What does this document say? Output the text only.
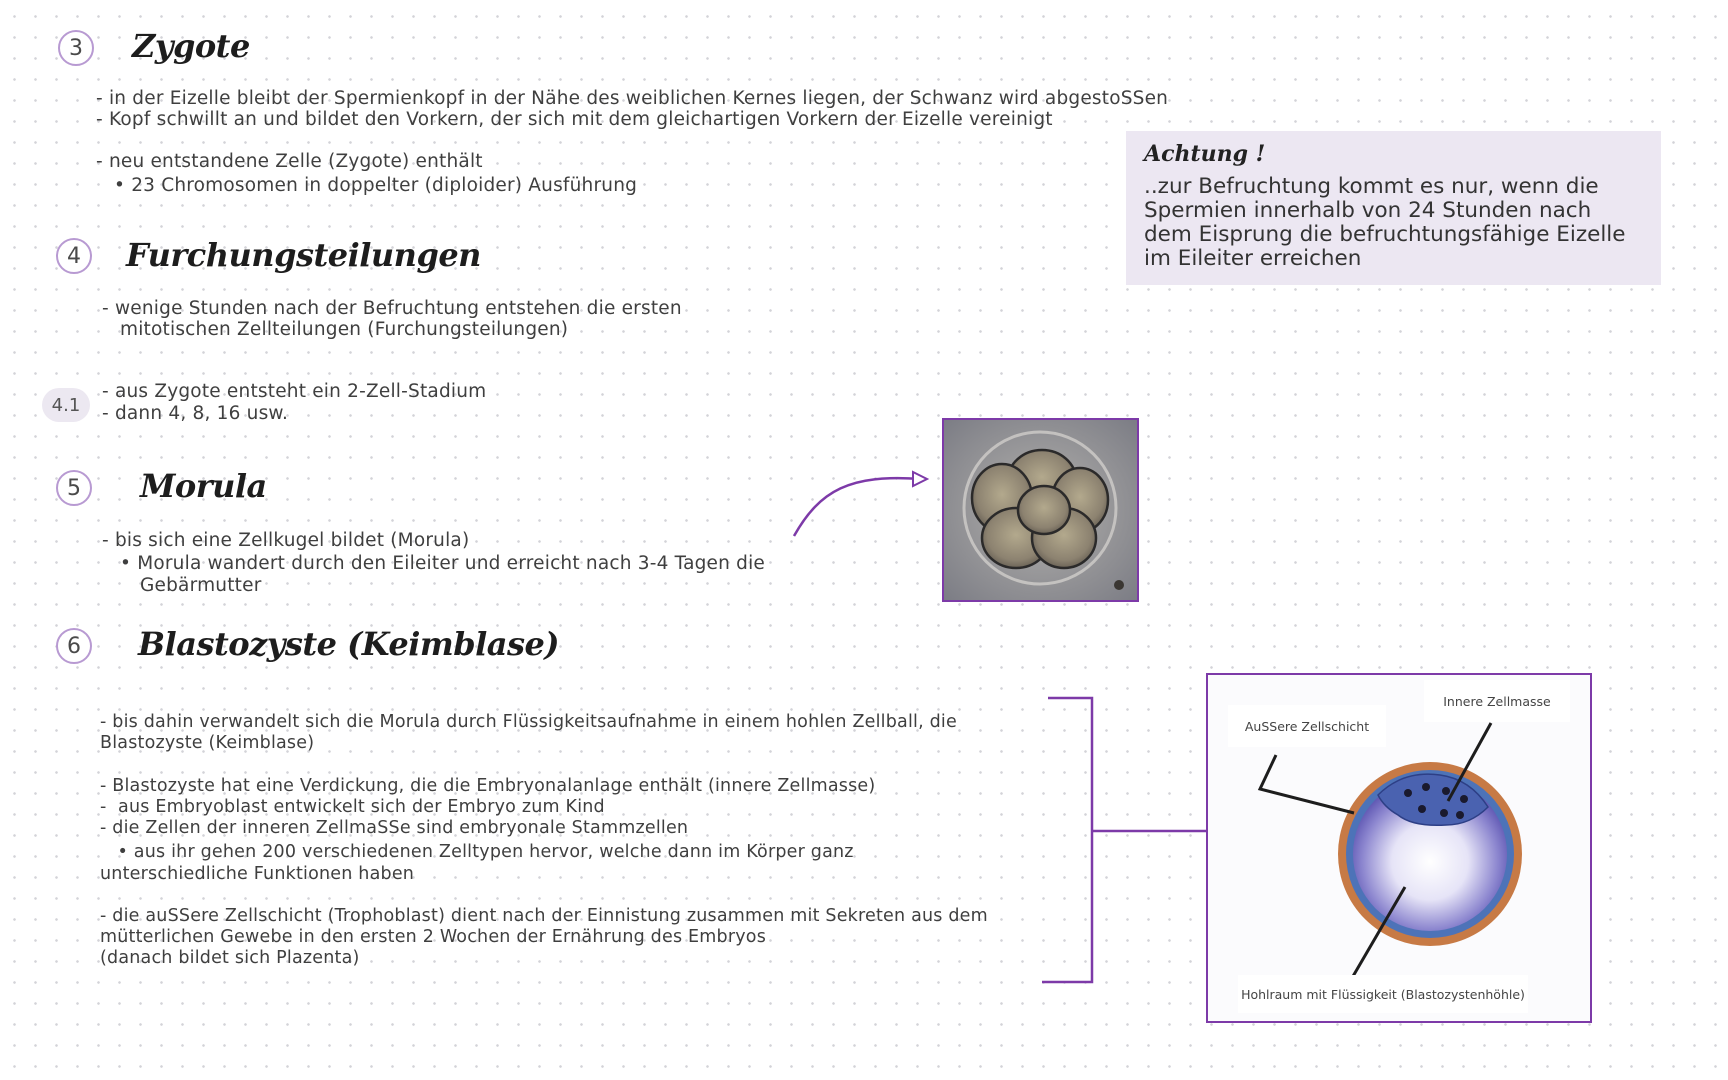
3 Zygote
- in der Eizelle bleibt der Spermienkopf in der Nähe des weiblichen Kernes liegen, der Schwanz wird abgestoSSen
- Kopf schwillt an und bildet den Vorkern, der sich mit dem gleichartigen Vorkern der Eizelle vereinigt
- neu entstandene Zelle (Zygote) enthält
• 23 Chromosomen in doppelter (diploider) Ausführung
Achtung !
..zur Befruchtung kommt es nur, wenn die
Spermien innerhalb von 24 Stunden nach
dem Eisprung die befruchtungsfähige Eizelle
im Eileiter erreichen
4 Furchungsteilungen
- wenige Stunden nach der Befruchtung entstehen die ersten
mitotischen Zellteilungen (Furchungsteilungen)
4.1
- aus Zygote entsteht ein 2-Zell-Stadium
- dann 4, 8, 16 usw.
5 Morula
- bis sich eine Zellkugel bildet (Morula)
• Morula wandert durch den Eileiter und erreicht nach 3-4 Tagen die
Gebärmutter
6 Blastozyste (Keimblase)
- bis dahin verwandelt sich die Morula durch Flüssigkeitsaufnahme in einem hohlen Zellball, die
Blastozyste (Keimblase)
- Blastozyste hat eine Verdickung, die die Embryonalanlage enthält (innere Zellmasse)
-  aus Embryoblast entwickelt sich der Embryo zum Kind
- die Zellen der inneren ZellmaSSe sind embryonale Stammzellen
• aus ihr gehen 200 verschiedenen Zelltypen hervor, welche dann im Körper ganz
unterschiedliche Funktionen haben
- die auSSere Zellschicht (Trophoblast) dient nach der Einnistung zusammen mit Sekreten aus dem
mütterlichen Gewebe in den ersten 2 Wochen der Ernährung des Embryos
(danach bildet sich Plazenta)
AuSSere Zellschicht
Innere Zellmasse
Hohlraum mit Flüssigkeit (Blastozystenhöhle)
